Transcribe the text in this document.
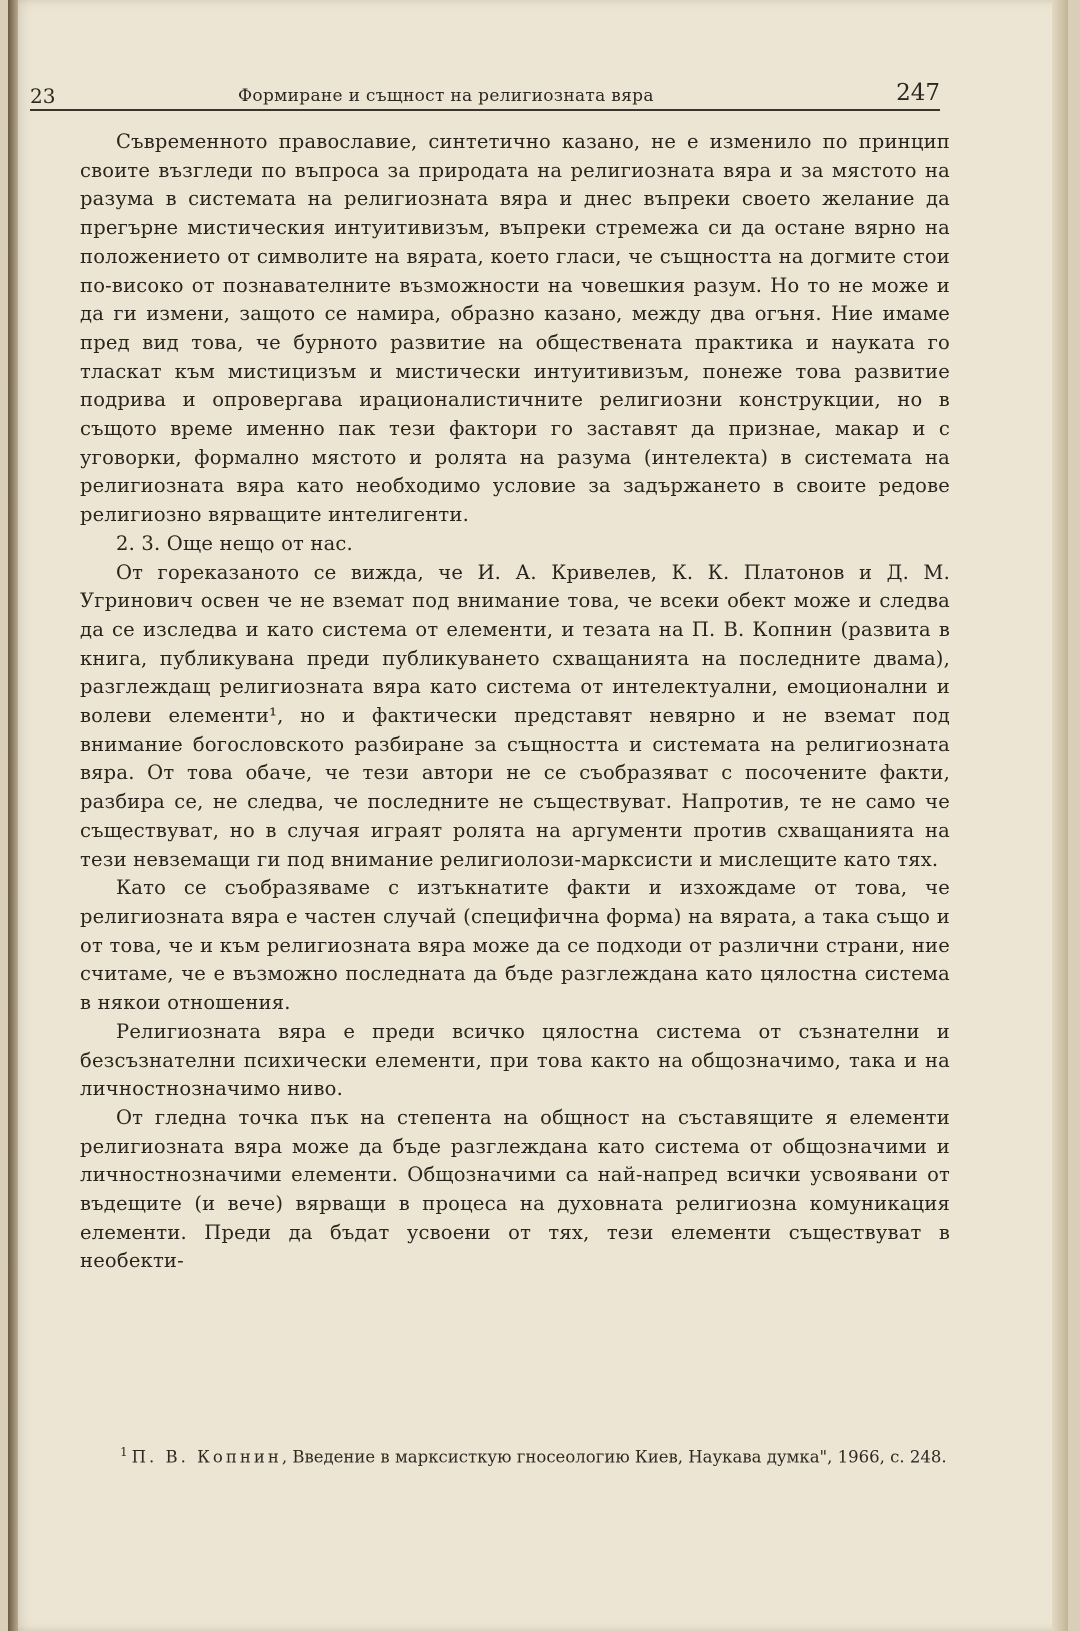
23	Формиране и същност на религиозната вяра	247

Съвременното православие, синтетично казано, не е изменило по принцип своите възгледи по въпроса за природата на религиозната вяра и за мястото на разума в системата на религиозната вяра и днес въпреки своето желание да прегърне мистическия интуитивизъм, въпреки стремежа си да остане вярно на положението от символите на вярата, което гласи, че същността на догмите стои по-високо от познавателните възможности на човешкия разум. Но то не може и да ги измени, защото се намира, образно казано, между два огъня. Ние имаме пред вид това, че бурното развитие на обществената практика и науката го тласкат към мистицизъм и мистически интуитивизъм, понеже това развитие подрива и опровергава ирационалистичните религиозни конструкции, но в същото време именно пак тези фактори го заставят да признае, макар и с уговорки, формално мястото и ролята на разума (интелекта) в системата на религиозната вяра като необходимо условие за задържането в своите редове религиозно вярващите интелигенти.

2. 3. Още нещо от нас.

От гореказаното се вижда, че И. А. Кривелев, К. К. Платонов и Д. М. Угринович освен че не вземат под внимание това, че всеки обект може и следва да се изследва и като система от елементи, и тезата на П. В. Копнин (развита в книга, публикувана преди публикуването схващанията на последните двама), разглеждащ религиозната вяра като система от интелектуални, емоционални и волеви елементи¹, но и фактически представят невярно и не вземат под внимание богословското разбиране за същността и системата на религиозната вяра. От това обаче, че тези автори не се съобразяват с посочените факти, разбира се, не следва, че последните не съществуват. Напротив, те не само че съществуват, но в случая играят ролята на аргументи против схващанията на тези невземащи ги под внимание религиолози-марксисти и мислещите като тях.

Като се съобразяваме с изтъкнатите факти и изхождаме от това, че религиозната вяра е частен случай (специфична форма) на вярата, а така също и от това, че и към религиозната вяра може да се подходи от различни страни, ние считаме, че е възможно последната да бъде разглеждана като цялостна система в някои отношения.

Религиозната вяра е преди всичко цялостна система от съзнателни и безсъзнателни психически елементи, при това както на общозначимо, така и на личностнозначимо ниво.

От гледна точка пък на степента на общност на съставящите я елементи религиозната вяра може да бъде разглеждана като система от общозначими и личностнозначими елементи. Общозначими са най-напред всички усвоявани от въдещите (и вече) вярващи в процеса на духовната религиозна комуникация елементи. Преди да бъдат усвоени от тях, тези елементи съществуват в необекти-

$^1$ П. В. Копнин, Введение в марксисткую гносеологию Киев, Наукава думка", 1966, с. 248.
